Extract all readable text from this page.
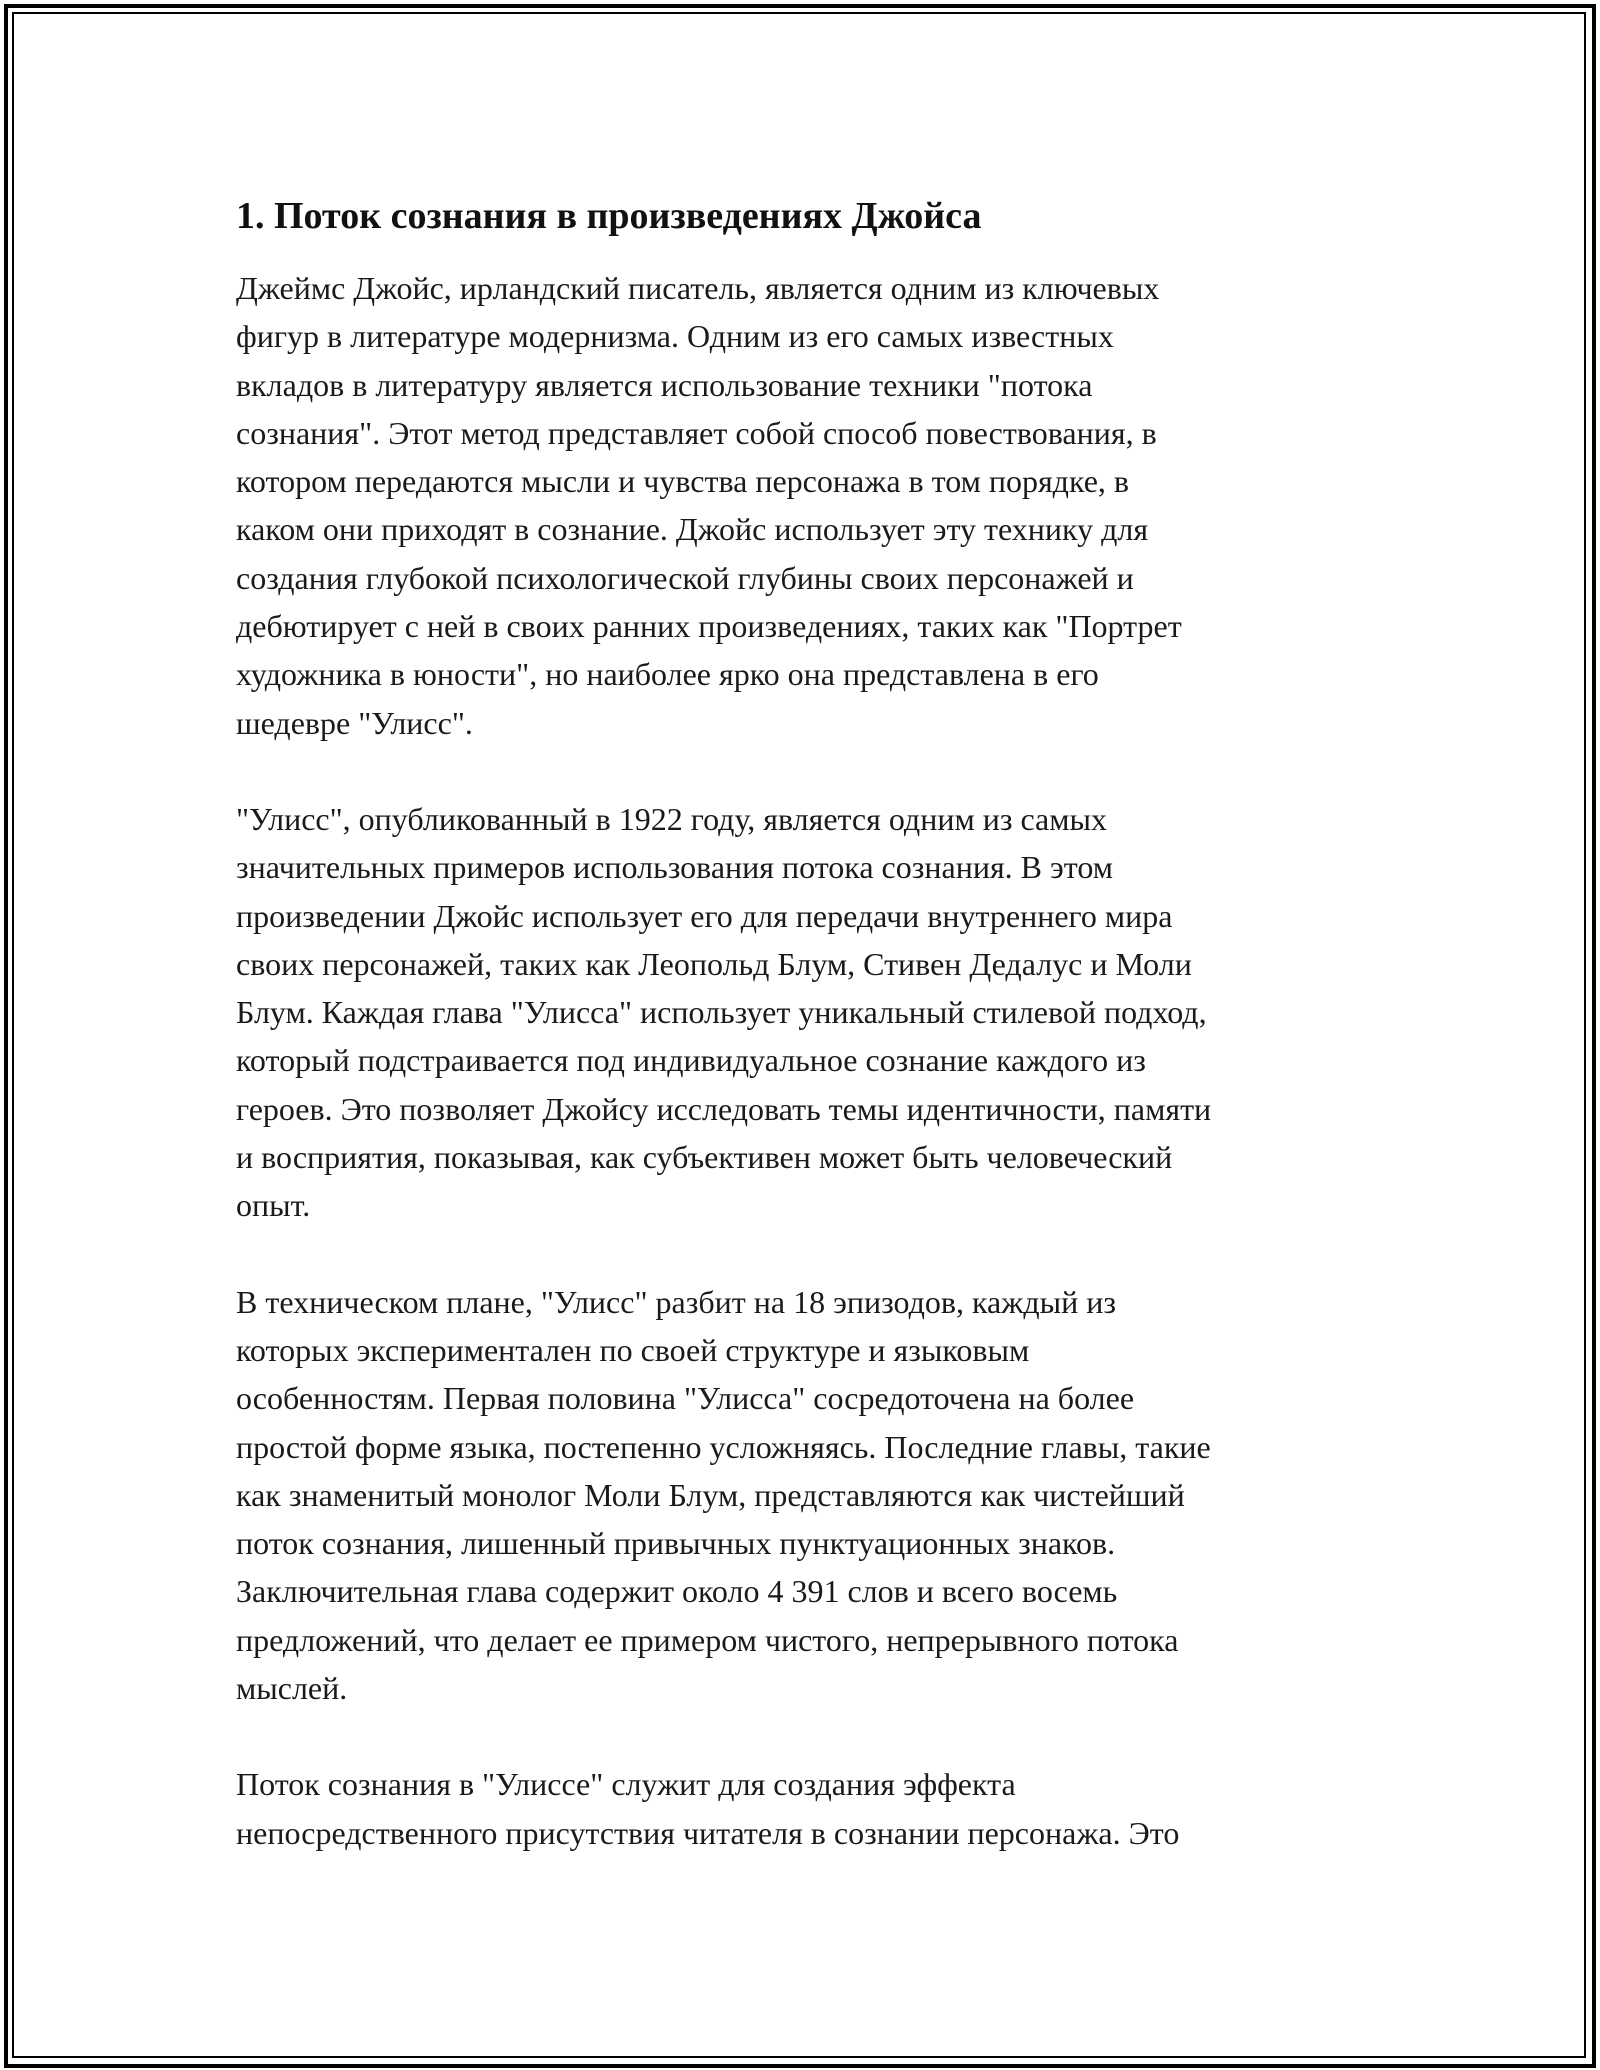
1. Поток сознания в произведениях Джойса

Джеймс Джойс, ирландский писатель, является одним из ключевых
фигур в литературе модернизма. Одним из его самых известных
вкладов в литературу является использование техники "потока
сознания". Этот метод представляет собой способ повествования, в
котором передаются мысли и чувства персонажа в том порядке, в
каком они приходят в сознание. Джойс использует эту технику для
создания глубокой психологической глубины своих персонажей и
дебютирует с ней в своих ранних произведениях, таких как "Портрет
художника в юности", но наиболее ярко она представлена в его
шедевре "Улисс".

"Улисс", опубликованный в 1922 году, является одним из самых
значительных примеров использования потока сознания. В этом
произведении Джойс использует его для передачи внутреннего мира
своих персонажей, таких как Леопольд Блум, Стивен Дедалус и Моли
Блум. Каждая глава "Улисса" использует уникальный стилевой подход,
который подстраивается под индивидуальное сознание каждого из
героев. Это позволяет Джойсу исследовать темы идентичности, памяти
и восприятия, показывая, как субъективен может быть человеческий
опыт.

В техническом плане, "Улисс" разбит на 18 эпизодов, каждый из
которых экспериментален по своей структуре и языковым
особенностям. Первая половина "Улисса" сосредоточена на более
простой форме языка, постепенно усложняясь. Последние главы, такие
как знаменитый монолог Моли Блум, представляются как чистейший
поток сознания, лишенный привычных пунктуационных знаков.
Заключительная глава содержит около 4 391 слов и всего восемь
предложений, что делает ее примером чистого, непрерывного потока
мыслей.

Поток сознания в "Улиссе" служит для создания эффекта
непосредственного присутствия читателя в сознании персонажа. Это
